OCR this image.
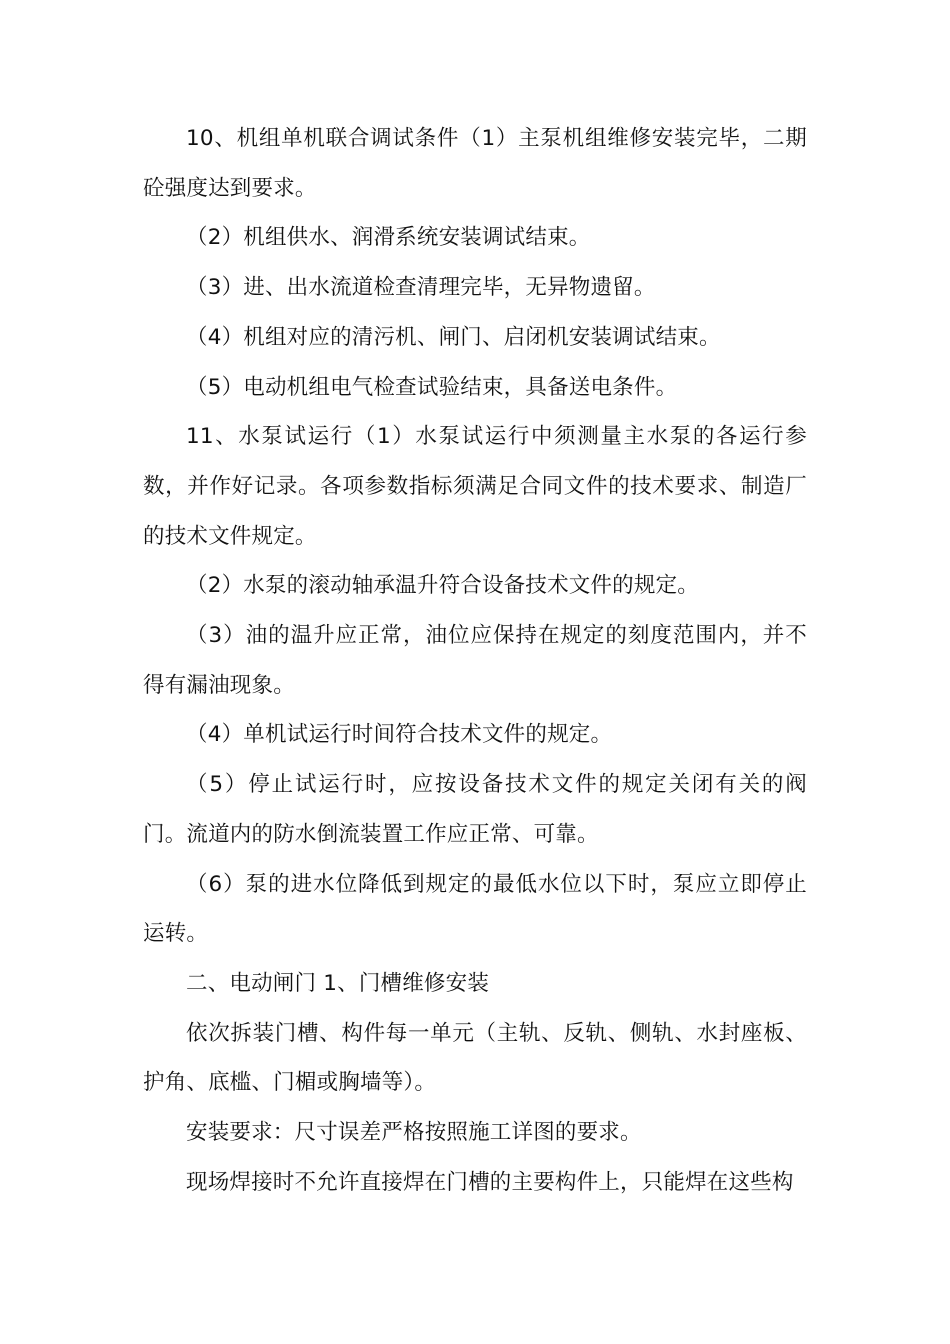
10、机组单机联合调试条件（1）主泵机组维修安装完毕，二期砼强度达到要求。

（2）机组供水、润滑系统安装调试结束。

（3）进、出水流道检查清理完毕，无异物遗留。

（4）机组对应的清污机、闸门、启闭机安装调试结束。

（5）电动机组电气检查试验结束，具备送电条件。

11、水泵试运行（1）水泵试运行中须测量主水泵的各运行参数，并作好记录。各项参数指标须满足合同文件的技术要求、制造厂的技术文件规定。

（2）水泵的滚动轴承温升符合设备技术文件的规定。

（3）油的温升应正常，油位应保持在规定的刻度范围内，并不得有漏油现象。

（4）单机试运行时间符合技术文件的规定。

（5）停止试运行时，应按设备技术文件的规定关闭有关的阀门。流道内的防水倒流装置工作应正常、可靠。

（6）泵的进水位降低到规定的最低水位以下时，泵应立即停止运转。

二、电动闸门 1、门槽维修安装

依次拆装门槽、构件每一单元（主轨、反轨、侧轨、水封座板、护角、底槛、门楣或胸墙等）。

安装要求：尺寸误差严格按照施工详图的要求。

现场焊接时不允许直接焊在门槽的主要构件上，只能焊在这些构
